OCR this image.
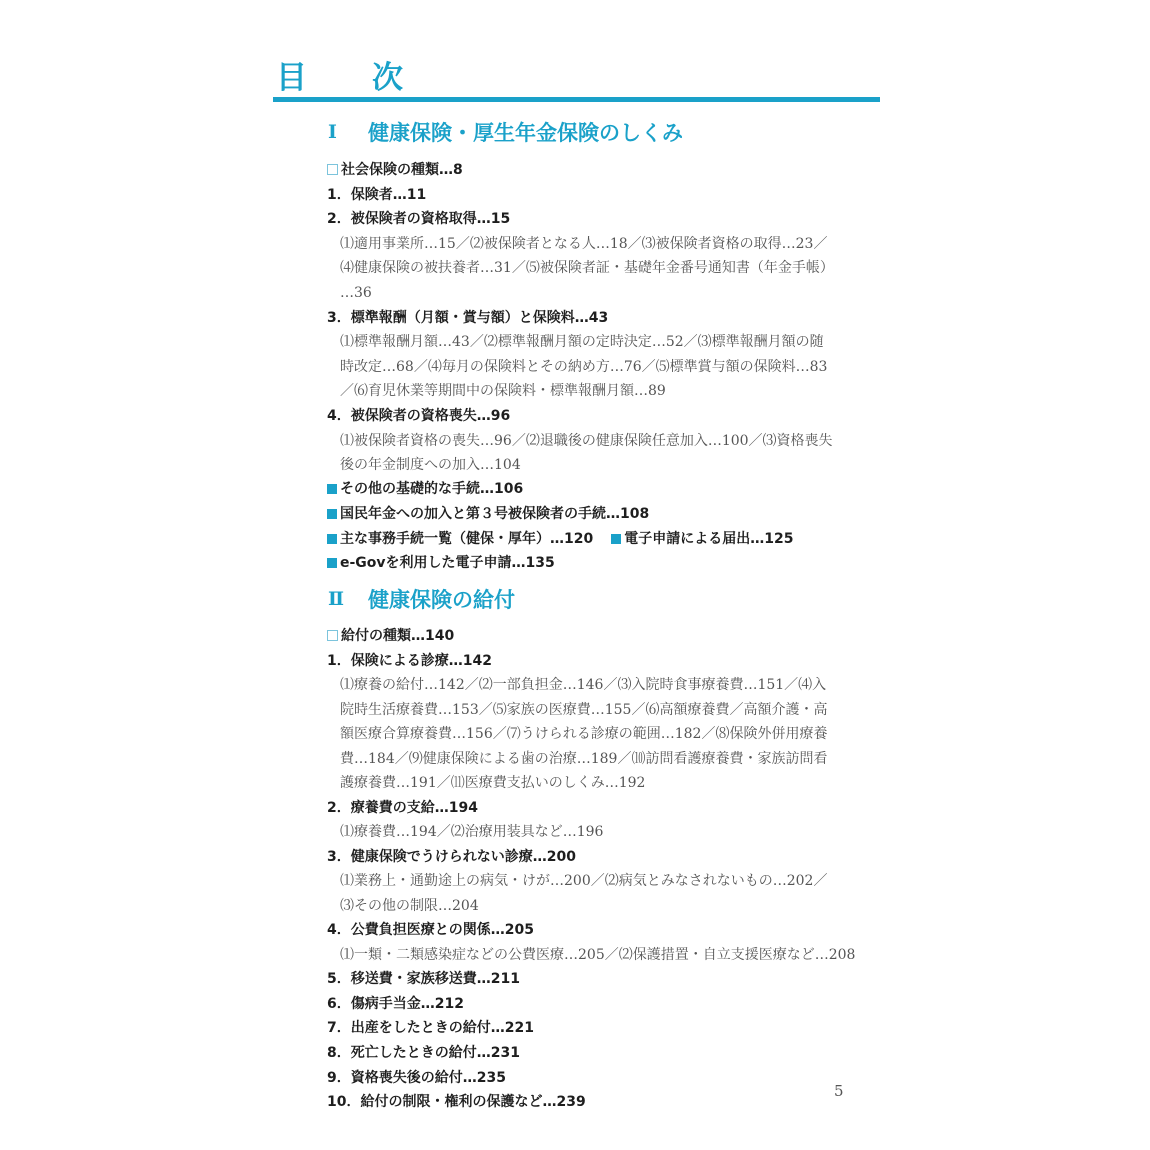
目	次
Ⅰ	健康保険・厚生年金保険のしくみ
社会保険の種類…8
1．保険者…11
2．被保険者の資格取得…15
⑴適用事業所…15／⑵被保険者となる人…18／⑶被保険者資格の取得…23／
⑷健康保険の被扶養者…31／⑸被保険者証・基礎年金番号通知書（年金手帳）
…36
3．標準報酬（月額・賞与額）と保険料…43
⑴標準報酬月額…43／⑵標準報酬月額の定時決定…52／⑶標準報酬月額の随
時改定…68／⑷毎月の保険料とその納め方…76／⑸標準賞与額の保険料…83
／⑹育児休業等期間中の保険料・標準報酬月額…89
4．被保険者の資格喪失…96
⑴被保険者資格の喪失…96／⑵退職後の健康保険任意加入…100／⑶資格喪失
後の年金制度への加入…104
その他の基礎的な手続…106
国民年金への加入と第３号被保険者の手続…108
主な事務手続一覧（健保・厚年）…120 電子申請による届出…125
e-Govを利用した電子申請…135
Ⅱ	健康保険の給付
給付の種類…140
1．保険による診療…142
⑴療養の給付…142／⑵一部負担金…146／⑶入院時食事療養費…151／⑷入
院時生活療養費…153／⑸家族の医療費…155／⑹高額療養費／高額介護・高
額医療合算療養費…156／⑺うけられる診療の範囲…182／⑻保険外併用療養
費…184／⑼健康保険による歯の治療…189／⑽訪問看護療養費・家族訪問看
護療養費…191／⑾医療費支払いのしくみ…192
2．療養費の支給…194
⑴療養費…194／⑵治療用装具など…196
3．健康保険でうけられない診療…200
⑴業務上・通勤途上の病気・けが…200／⑵病気とみなされないもの…202／
⑶その他の制限…204
4．公費負担医療との関係…205
⑴一類・二類感染症などの公費医療…205／⑵保護措置・自立支援医療など…208
5．移送費・家族移送費…211
6．傷病手当金…212
7．出産をしたときの給付…221
8．死亡したときの給付…231
9．資格喪失後の給付…235
10．給付の制限・権利の保護など…239
5
